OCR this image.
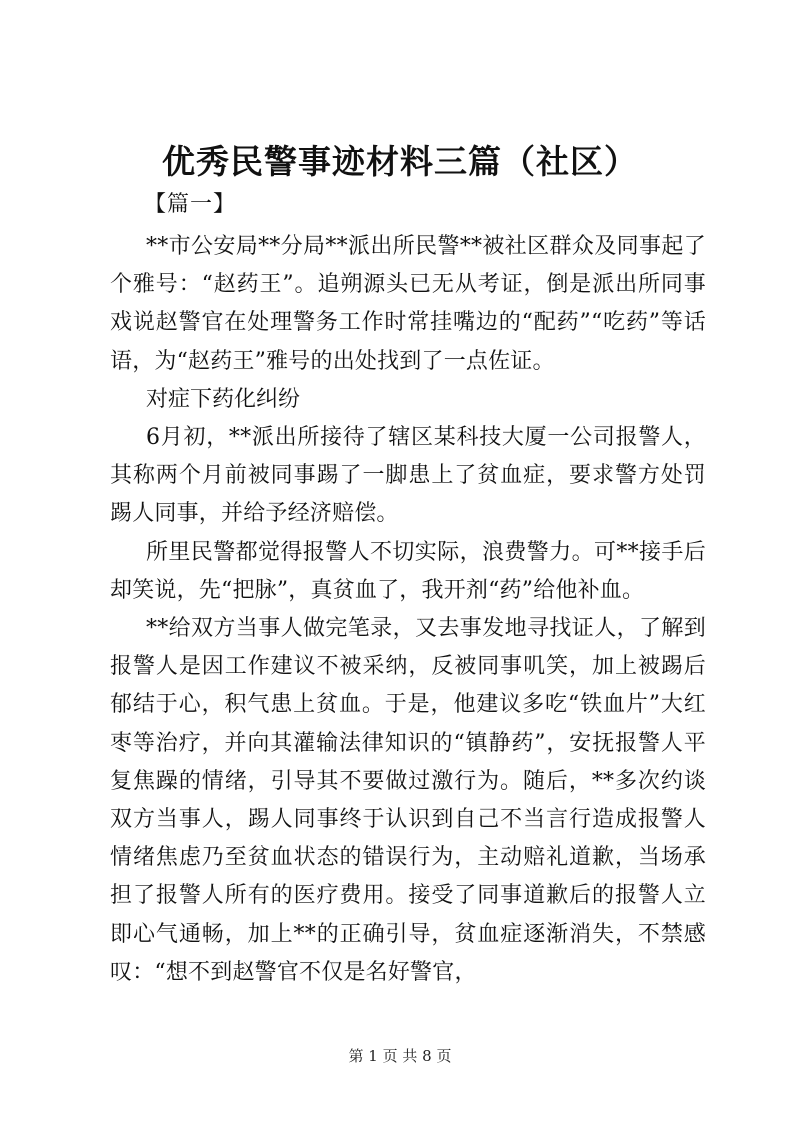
优秀民警事迹材料三篇（社区）

【篇一】

**市公安局**分局**派出所民警**被社区群众及同事起了个雅号：“赵药王”。追朔源头已无从考证，倒是派出所同事戏说赵警官在处理警务工作时常挂嘴边的“配药”“吃药”等话语，为“赵药王”雅号的出处找到了一点佐证。

对症下药化纠纷

6月初，**派出所接待了辖区某科技大厦一公司报警人，其称两个月前被同事踢了一脚患上了贫血症，要求警方处罚踢人同事，并给予经济赔偿。

所里民警都觉得报警人不切实际，浪费警力。可**接手后却笑说，先“把脉”，真贫血了，我开剂“药”给他补血。

**给双方当事人做完笔录，又去事发地寻找证人，了解到报警人是因工作建议不被采纳，反被同事叽笑，加上被踢后郁结于心，积气患上贫血。于是，他建议多吃“铁血片”大红枣等治疗，并向其灌输法律知识的“镇静药”，安抚报警人平复焦躁的情绪，引导其不要做过激行为。随后，**多次约谈双方当事人，踢人同事终于认识到自己不当言行造成报警人情绪焦虑乃至贫血状态的错误行为，主动赔礼道歉，当场承担了报警人所有的医疗费用。接受了同事道歉后的报警人立即心气通畅，加上**的正确引导，贫血症逐渐消失，不禁感叹：“想不到赵警官不仅是名好警官，

第 1 页 共 8 页
